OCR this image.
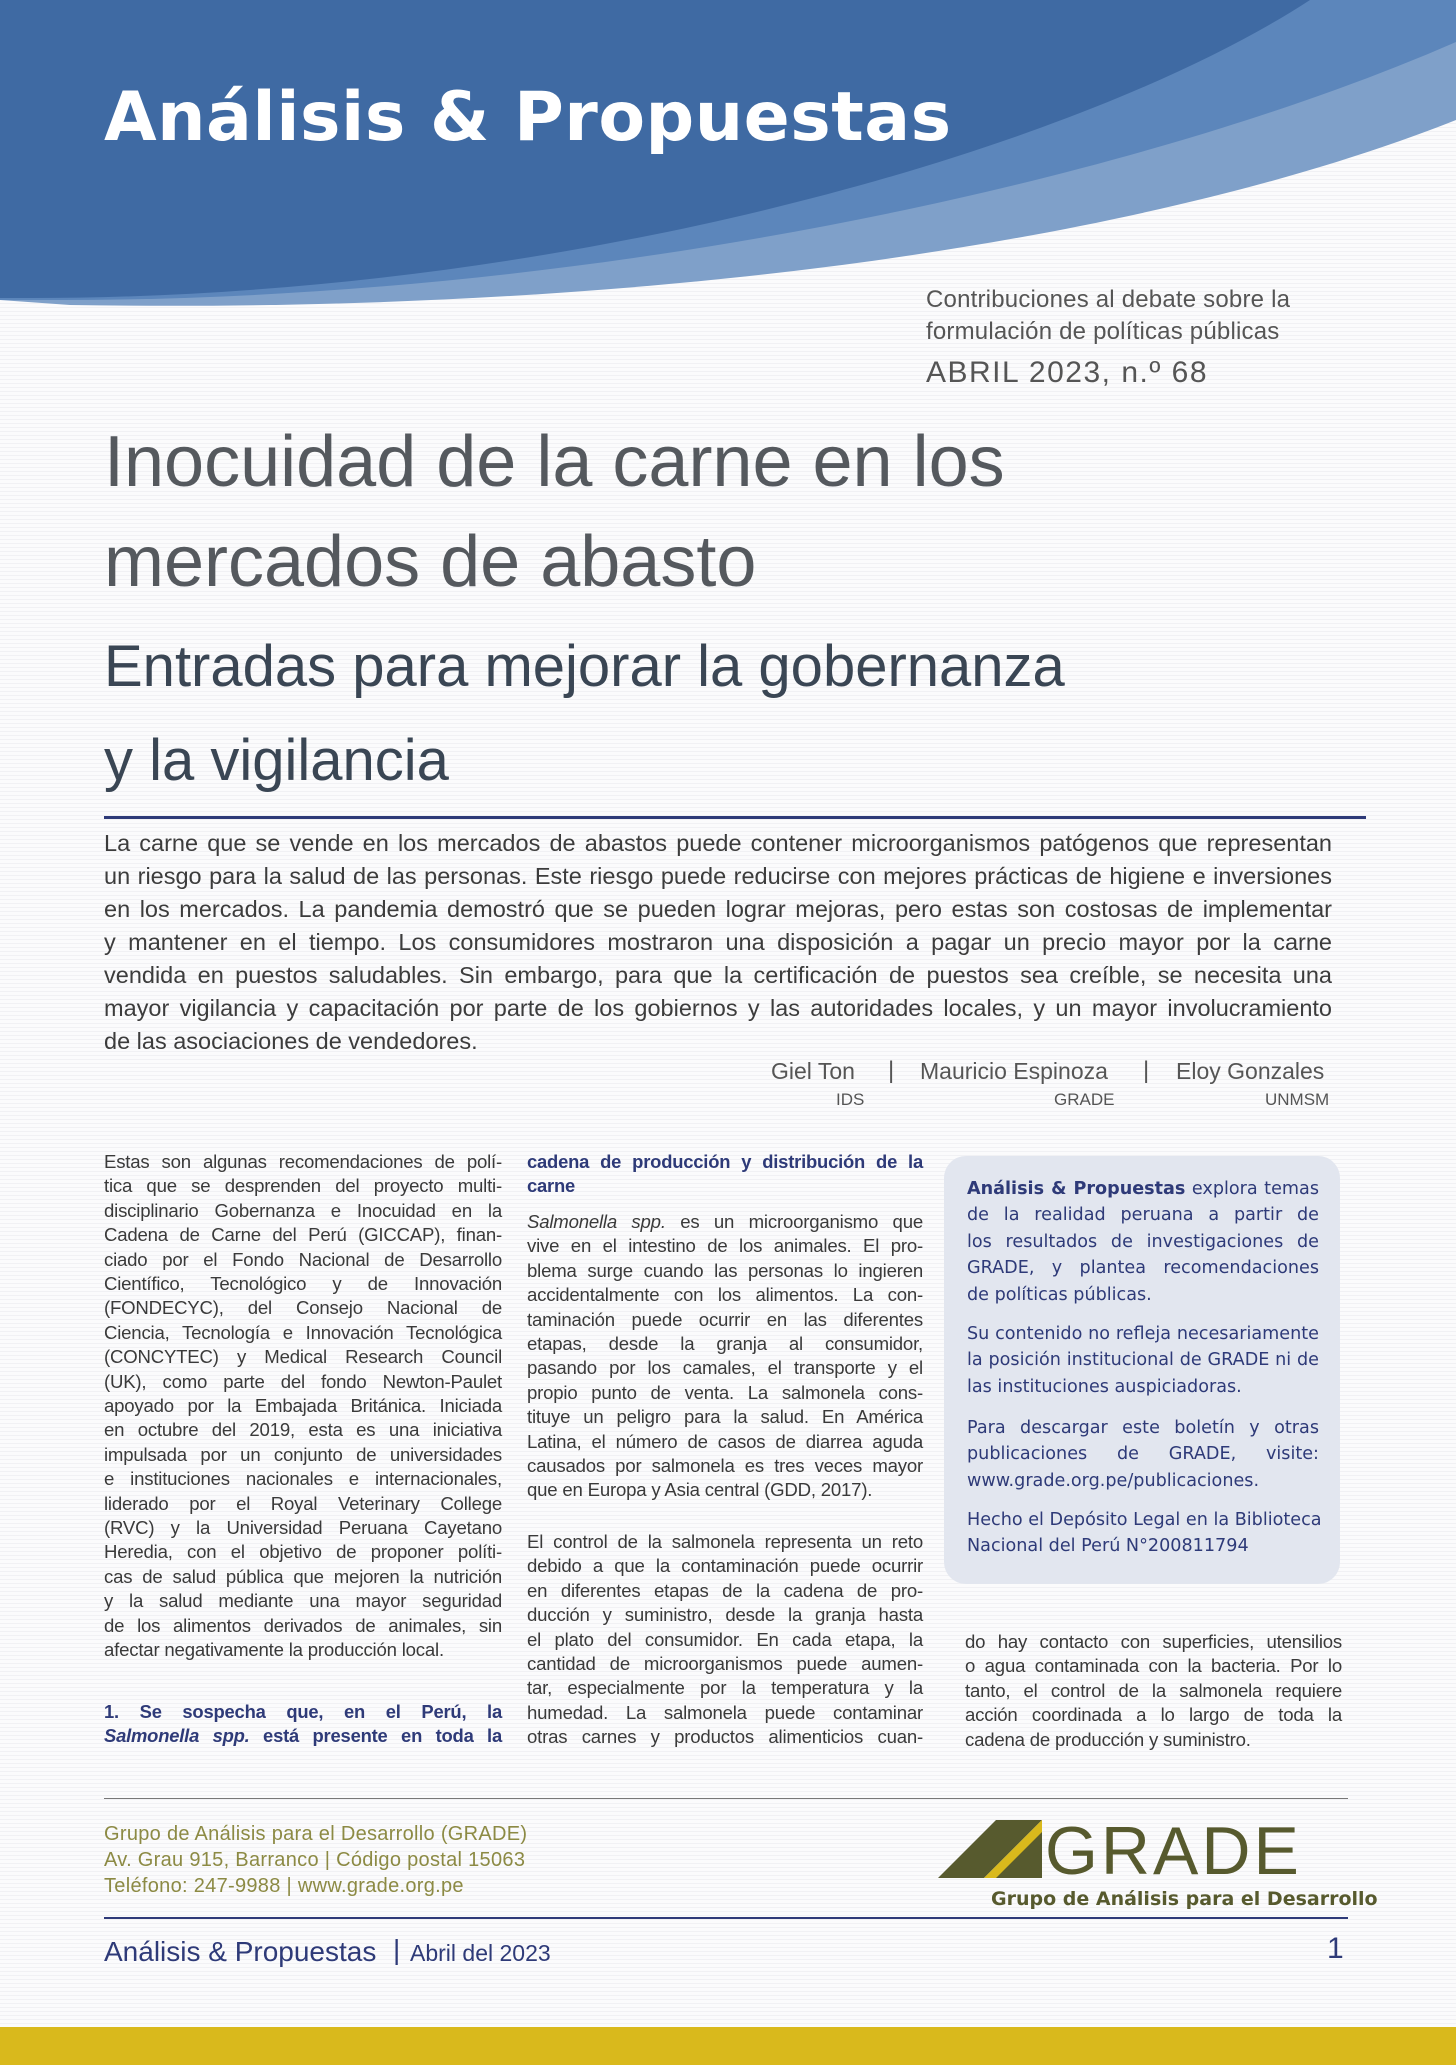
Análisis & Propuestas
Contribuciones al debate sobre la
formulación de políticas públicas
ABRIL 2023, n.º 68
Inocuidad de la carne en los
mercados de abasto
Entradas para mejorar la gobernanza
y la vigilancia
La carne que se vende en los mercados de abastos puede contener microorganismos patógenos que representan
un riesgo para la salud de las personas. Este riesgo puede reducirse con mejores prácticas de higiene e inversiones
en los mercados. La pandemia demostró que se pueden lograr mejoras, pero estas son costosas de implementar
y mantener en el tiempo. Los consumidores mostraron una disposición a pagar un precio mayor por la carne
vendida en puestos saludables. Sin embargo, para que la certificación de puestos sea creíble, se necesita una
mayor vigilancia y capacitación por parte de los gobiernos y las autoridades locales, y un mayor involucramiento
de las asociaciones de vendedores.
Giel Ton
IDS
| Mauricio Espinoza
GRADE
| Eloy Gonzales
UNMSM
Estas son algunas recomendaciones de polí-
tica que se desprenden del proyecto multi-
disciplinario Gobernanza e Inocuidad en la
Cadena de Carne del Perú (GICCAP), finan-
ciado por el Fondo Nacional de Desarrollo
Científico, Tecnológico y de Innovación
(FONDECYC), del Consejo Nacional de
Ciencia, Tecnología e Innovación Tecnológica
(CONCYTEC) y Medical Research Council
(UK), como parte del fondo Newton-Paulet
apoyado por la Embajada Británica. Iniciada
en octubre del 2019, esta es una iniciativa
impulsada por un conjunto de universidades
e instituciones nacionales e internacionales,
liderado por el Royal Veterinary College
(RVC) y la Universidad Peruana Cayetano
Heredia, con el objetivo de proponer políti-
cas de salud pública que mejoren la nutrición
y la salud mediante una mayor seguridad
de los alimentos derivados de animales, sin
afectar negativamente la producción local.
1. Se sospecha que, en el Perú, la
Salmonella spp. está presente en toda la
cadena de producción y distribución de la
carne
Salmonella spp. es un microorganismo que
vive en el intestino de los animales. El pro-
blema surge cuando las personas lo ingieren
accidentalmente con los alimentos. La con-
taminación puede ocurrir en las diferentes
etapas, desde la granja al consumidor,
pasando por los camales, el transporte y el
propio punto de venta. La salmonela cons-
tituye un peligro para la salud. En América
Latina, el número de casos de diarrea aguda
causados por salmonela es tres veces mayor
que en Europa y Asia central (GDD, 2017).
El control de la salmonela representa un reto
debido a que la contaminación puede ocurrir
en diferentes etapas de la cadena de pro-
ducción y suministro, desde la granja hasta
el plato del consumidor. En cada etapa, la
cantidad de microorganismos puede aumen-
tar, especialmente por la temperatura y la
humedad. La salmonela puede contaminar
otras carnes y productos alimenticios cuan-
Análisis & Propuestas explora temas
de la realidad peruana a partir de
los resultados de investigaciones de
GRADE, y plantea recomendaciones
de políticas públicas.
Su contenido no refleja necesariamente
la posición institucional de GRADE ni de
las instituciones auspiciadoras.
Para descargar este boletín y otras
publicaciones de GRADE, visite:
www.grade.org.pe/publicaciones.
Hecho el Depósito Legal en la Biblioteca
Nacional del Perú N°200811794
do hay contacto con superficies, utensilios
o agua contaminada con la bacteria. Por lo
tanto, el control de la salmonela requiere
acción coordinada a lo largo de toda la
cadena de producción y suministro.
Grupo de Análisis para el Desarrollo (GRADE)
Av. Grau 915, Barranco | Código postal 15063
Teléfono: 247-9988 | www.grade.org.pe	GRADE
Grupo de Análisis para el Desarrollo
Análisis & Propuestas | Abril del 2023	1
